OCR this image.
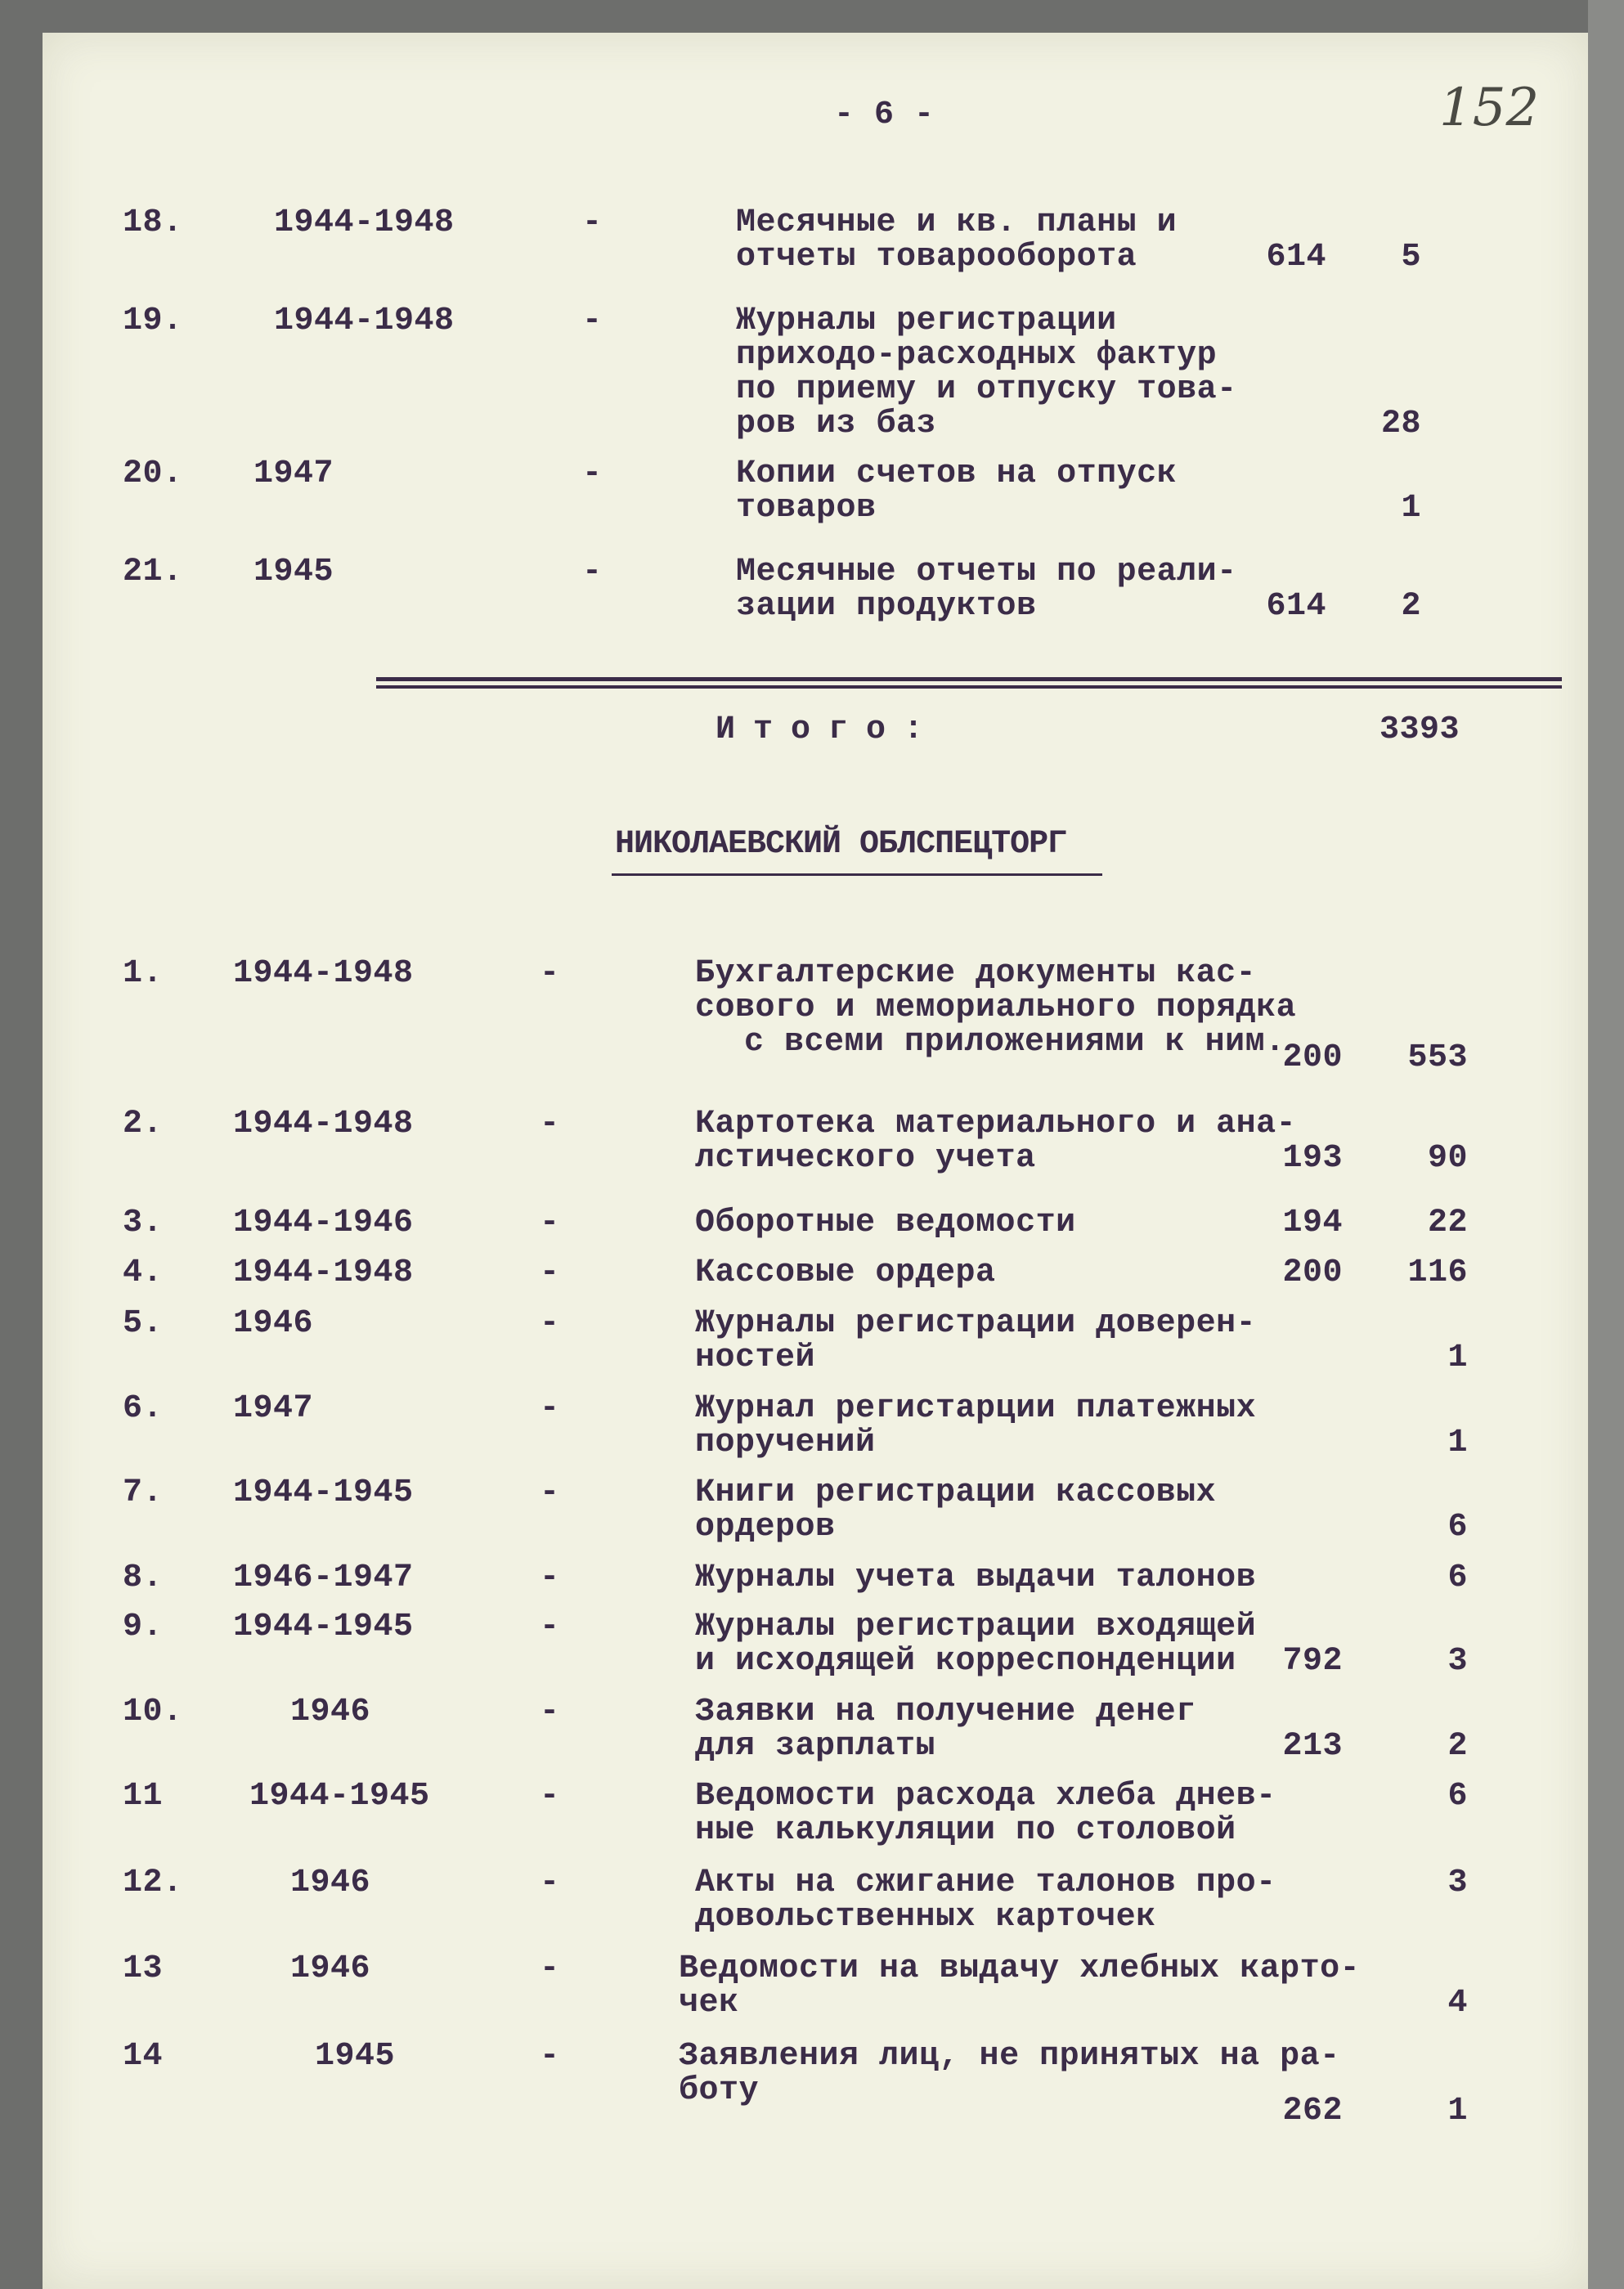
- 6 -	152
18.	1944-1948	-	Месячные и кв. планы и
отчеты товарооборота	614	5
19.	1944-1948	-	Журналы регистрации
приходо-расходных фактур
по приему и отпуску това-
ров из баз	28
20. 1947	-	Копии счетов на отпуск
товаров	1
21. 1945	-	Месячные отчеты по реали-
зации продуктов	614	2
Итого:	3393
НИКОЛАЕВСКИЙ ОБЛСПЕЦТОРГ
1. 1944-1948	-	Бухгалтерские документы кас-
сового и мемориального порядка
с всеми приложениями к ним.
200	553
2. 1944-1948	-	Картотека материального и ана-
лстического учета	193	90
3. 1944-1946	-	Оборотные ведомости	194	22
4. 1944-1948	-	Кассовые ордера	200	116
5. 1946	-	Журналы регистрации доверен-
ностей	1
6. 1947	-	Журнал регистарции платежных
поручений	1
7. 1944-1945	-	Книги регистрации кассовых
ордеров	6
8. 1946-1947	-	Журналы учета выдачи талонов	6
9. 1944-1945	-	Журналы регистрации входящей
и исходящей корреспонденции	792	3
10.	1946	-	Заявки на получение денег
для зарплаты	213	2
11	1944-1945	-	Ведомости расхода хлеба днев-
ные калькуляции по столовой
6
12.	1946	-	Акты на сжигание талонов про-
довольственных карточек
3
13	1946	-	Ведомости на выдачу хлебных карто-
чек	4
14	1945	-	Заявления лиц, не принятых на ра-
боту
262	1
